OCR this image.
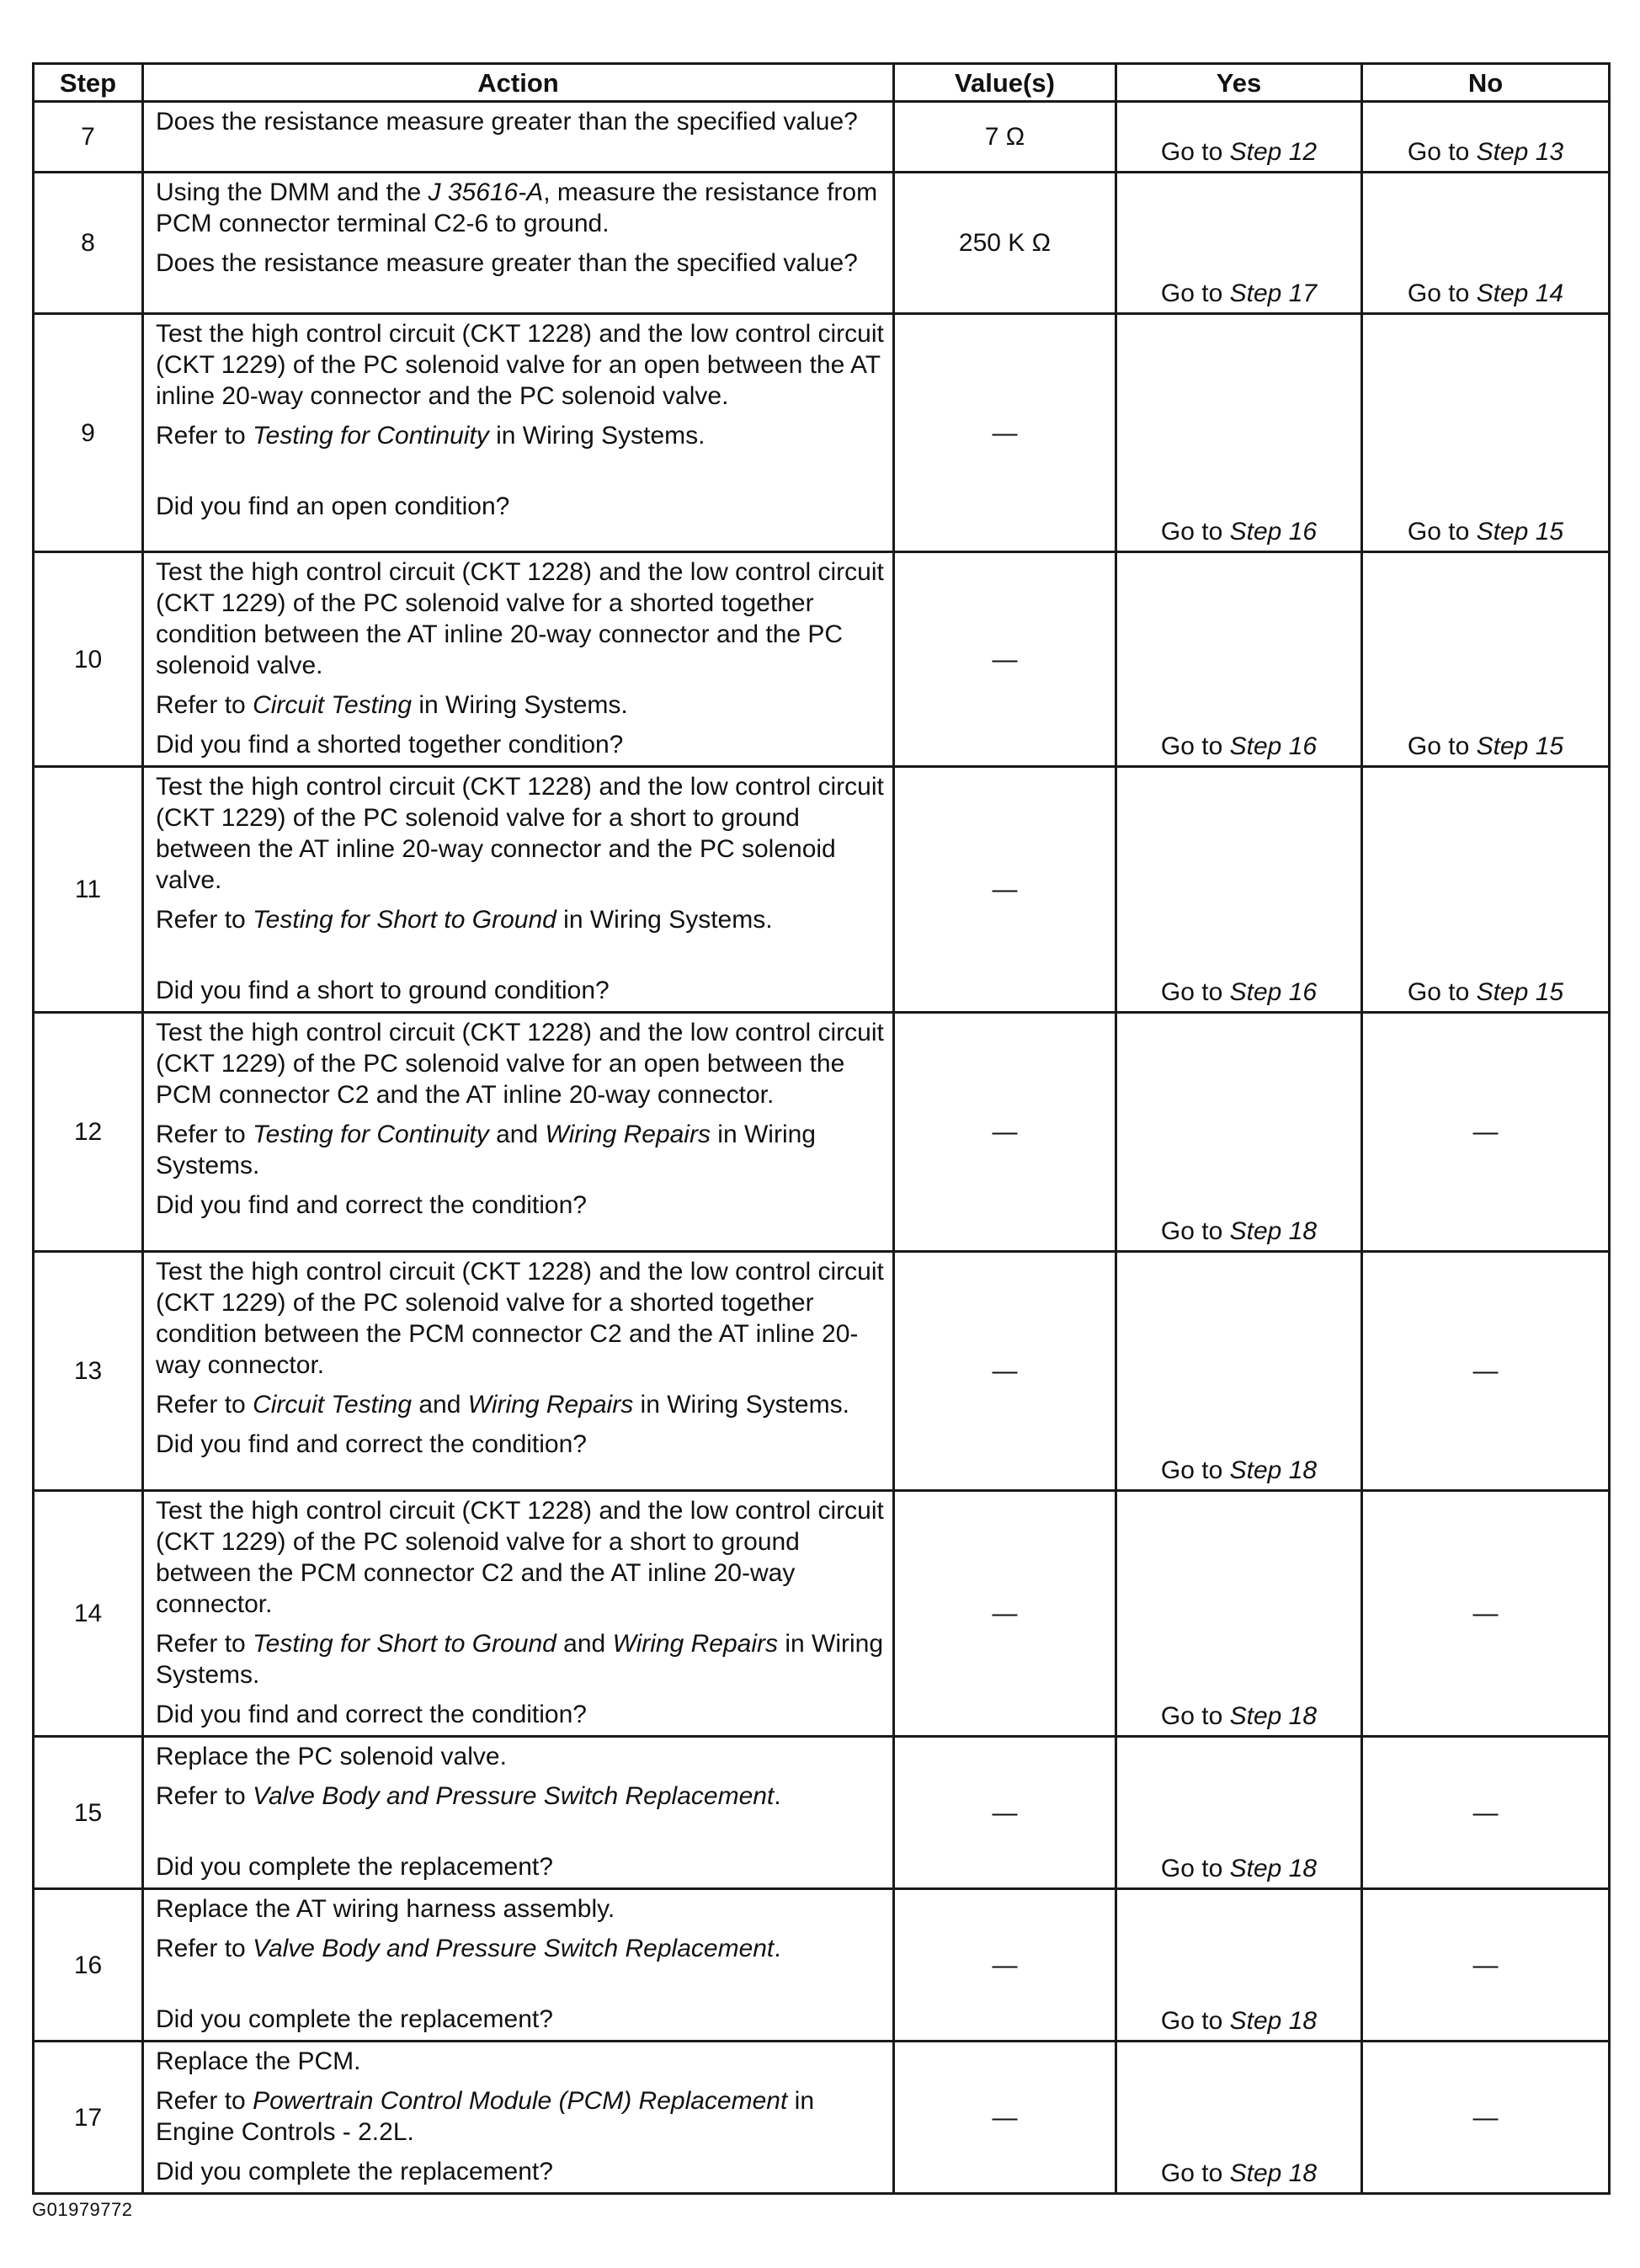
Step	Action	Value(s)	Yes	No
7	Does the resistance measure greater than the specified value?	7 Ω	Go to Step 12	Go to Step 13
8	Using the DMM and the J 35616-A, measure the resistance from PCM connector terminal C2-6 to ground.
Does the resistance measure greater than the specified value?	250 K Ω	Go to Step 17	Go to Step 14
9	Test the high control circuit (CKT 1228) and the low control circuit (CKT 1229) of the PC solenoid valve for an open between the AT inline 20-way connector and the PC solenoid valve.
Refer to Testing for Continuity in Wiring Systems.
Did you find an open condition?	—	Go to Step 16	Go to Step 15
10	Test the high control circuit (CKT 1228) and the low control circuit (CKT 1229) of the PC solenoid valve for a shorted together condition between the AT inline 20-way connector and the PC solenoid valve.
Refer to Circuit Testing in Wiring Systems.
Did you find a shorted together condition?	—	Go to Step 16	Go to Step 15
11	Test the high control circuit (CKT 1228) and the low control circuit (CKT 1229) of the PC solenoid valve for a short to ground between the AT inline 20-way connector and the PC solenoid valve.
Refer to Testing for Short to Ground in Wiring Systems.
Did you find a short to ground condition?	—	Go to Step 16	Go to Step 15
12	Test the high control circuit (CKT 1228) and the low control circuit (CKT 1229) of the PC solenoid valve for an open between the PCM connector C2 and the AT inline 20-way connector.
Refer to Testing for Continuity and Wiring Repairs in Wiring Systems.
Did you find and correct the condition?	—	Go to Step 18	—
13	Test the high control circuit (CKT 1228) and the low control circuit (CKT 1229) of the PC solenoid valve for a shorted together condition between the PCM connector C2 and the AT inline 20-way connector.
Refer to Circuit Testing and Wiring Repairs in Wiring Systems.
Did you find and correct the condition?	—	Go to Step 18	—
14	Test the high control circuit (CKT 1228) and the low control circuit (CKT 1229) of the PC solenoid valve for a short to ground between the PCM connector C2 and the AT inline 20-way connector.
Refer to Testing for Short to Ground and Wiring Repairs in Wiring Systems.
Did you find and correct the condition?	—	Go to Step 18	—
15	Replace the PC solenoid valve.
Refer to Valve Body and Pressure Switch Replacement.
Did you complete the replacement?	—	Go to Step 18	—
16	Replace the AT wiring harness assembly.
Refer to Valve Body and Pressure Switch Replacement.
Did you complete the replacement?	—	Go to Step 18	—
17	Replace the PCM.
Refer to Powertrain Control Module (PCM) Replacement in Engine Controls - 2.2L.
Did you complete the replacement?	—	Go to Step 18	—
G01979772
